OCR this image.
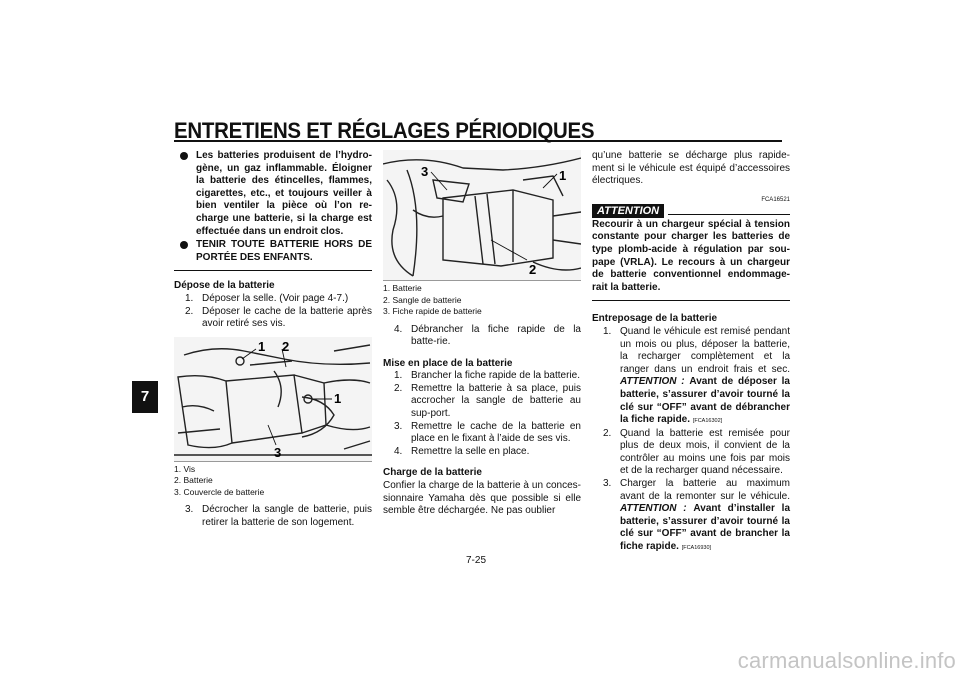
ENTRETIENS ET RÉGLAGES PÉRIODIQUES
7
Les batteries produisent de l’hydro-gène, un gaz inflammable. Éloigner la batterie des étincelles, flammes, cigarettes, etc., et toujours veiller à bien ventiler la pièce où l’on re-charge une batterie, si la charge est effectuée dans un endroit clos.
TENIR TOUTE BATTERIE HORS DE PORTÉE DES ENFANTS.
Dépose de la batterie
1. Déposer la selle. (Voir page 4-7.)
2. Déposer le cache de la batterie après avoir retiré ses vis.
1 2
1
3
1. Vis
2. Batterie
3. Couvercle de batterie
3. Décrocher la sangle de batterie, puis retirer la batterie de son logement.
3	1
2
1. Batterie
2. Sangle de batterie
3. Fiche rapide de batterie
4. Débrancher la fiche rapide de la batte-rie.
Mise en place de la batterie
1. Brancher la fiche rapide de la batterie.
2. Remettre la batterie à sa place, puis accrocher la sangle de batterie au sup-port.
3. Remettre le cache de la batterie en place en le fixant à l’aide de ses vis.
4. Remettre la selle en place.
Charge de la batterie
Confier la charge de la batterie à un conces-sionnaire Yamaha dès que possible si elle semble être déchargée. Ne pas oublier
qu’une batterie se décharge plus rapide-ment si le véhicule est équipé d’accessoires électriques.
FCA16521
ATTENTION
Recourir à un chargeur spécial à tension constante pour charger les batteries de type plomb-acide à régulation par sou-pape (VRLA). Le recours à un chargeur de batterie conventionnel endommage-rait la batterie.
Entreposage de la batterie
1. Quand le véhicule est remisé pendant un mois ou plus, déposer la batterie, la recharger complètement et la ranger dans un endroit frais et sec. ATTENTION : Avant de déposer la batterie, s’assurer d’avoir tourné la clé sur “OFF” avant de débrancher la fiche rapide. [FCA16302]
2. Quand la batterie est remisée pour plus de deux mois, il convient de la contrôler au moins une fois par mois et de la recharger quand nécessaire.
3. Charger la batterie au maximum avant de la remonter sur le véhicule. ATTENTION : Avant d’installer la batterie, s’assurer d’avoir tourné la clé sur “OFF” avant de brancher la fiche rapide. [FCA16930]
7-25
carmanualsonline.info
